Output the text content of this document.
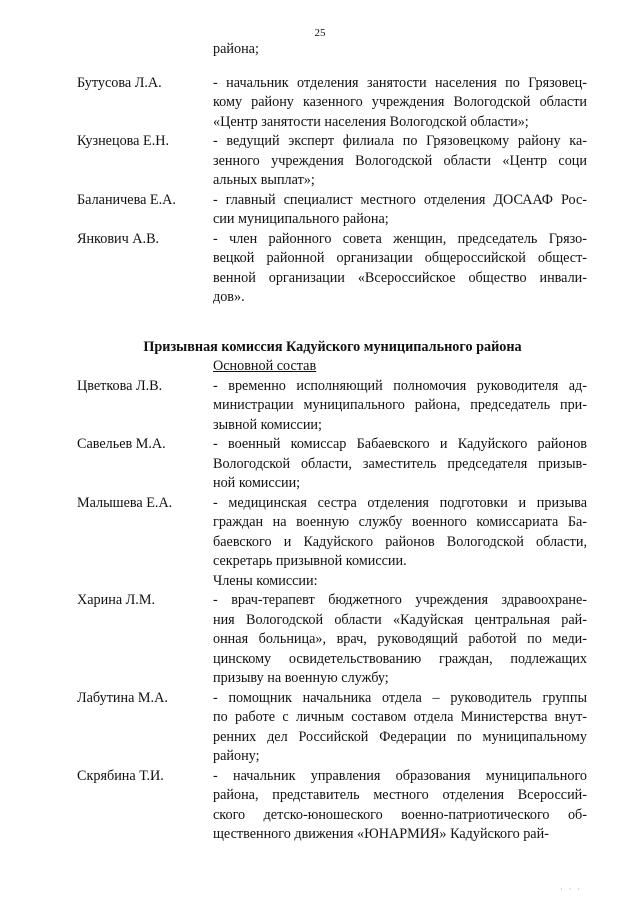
25
района;
Бутусова Л.А.	- начальник отделения занятости населения по Грязовец-
кому району казенного учреждения Вологодской области
«Центр занятости населения Вологодской области»;
Кузнецова Е.Н.	- ведущий эксперт филиала по Грязовецкому району ка-
зенного учреждения Вологодской области «Центр соци
альных выплат»;
Баланичева Е.А.	- главный специалист местного отделения ДОСААФ Рос-
сии муниципального района;
Янкович А.В.	- член районного совета женщин, председатель Грязо-
вецкой районной организации общероссийской общест-
венной организации «Всероссийское общество инвали-
дов».
Призывная комиссия Кадуйского муниципального района
Основной состав
Цветкова Л.В.	- временно исполняющий полномочия руководителя ад-
министрации муниципального района, председатель при-
зывной комиссии;
Савельев М.А.	- военный комиссар Бабаевского и Кадуйского районов
Вологодской области, заместитель председателя призыв-
ной комиссии;
Малышева Е.А.	- медицинская сестра отделения подготовки и призыва
граждан на военную службу военного комиссариата Ба-
баевского и Кадуйского районов Вологодской области,
секретарь призывной комиссии.
Члены комиссии:
Харина Л.М.	- врач-терапевт бюджетного учреждения здравоохране-
ния Вологодской области «Кадуйская центральная рай-
онная больница», врач, руководящий работой по меди-
цинскому освидетельствованию граждан, подлежащих
призыву на военную службу;
Лабутина М.А.	- помощник начальника отдела – руководитель группы
по работе с личным составом отдела Министерства внут-
ренних дел Российской Федерации по муниципальному
району;
Скрябина Т.И.	- начальник управления образования муниципального
района, представитель местного отделения Всероссий-
ского детско-юношеского военно-патриотического об-
щественного движения «ЮНАРМИЯ» Кадуйского рай-
· · ·
